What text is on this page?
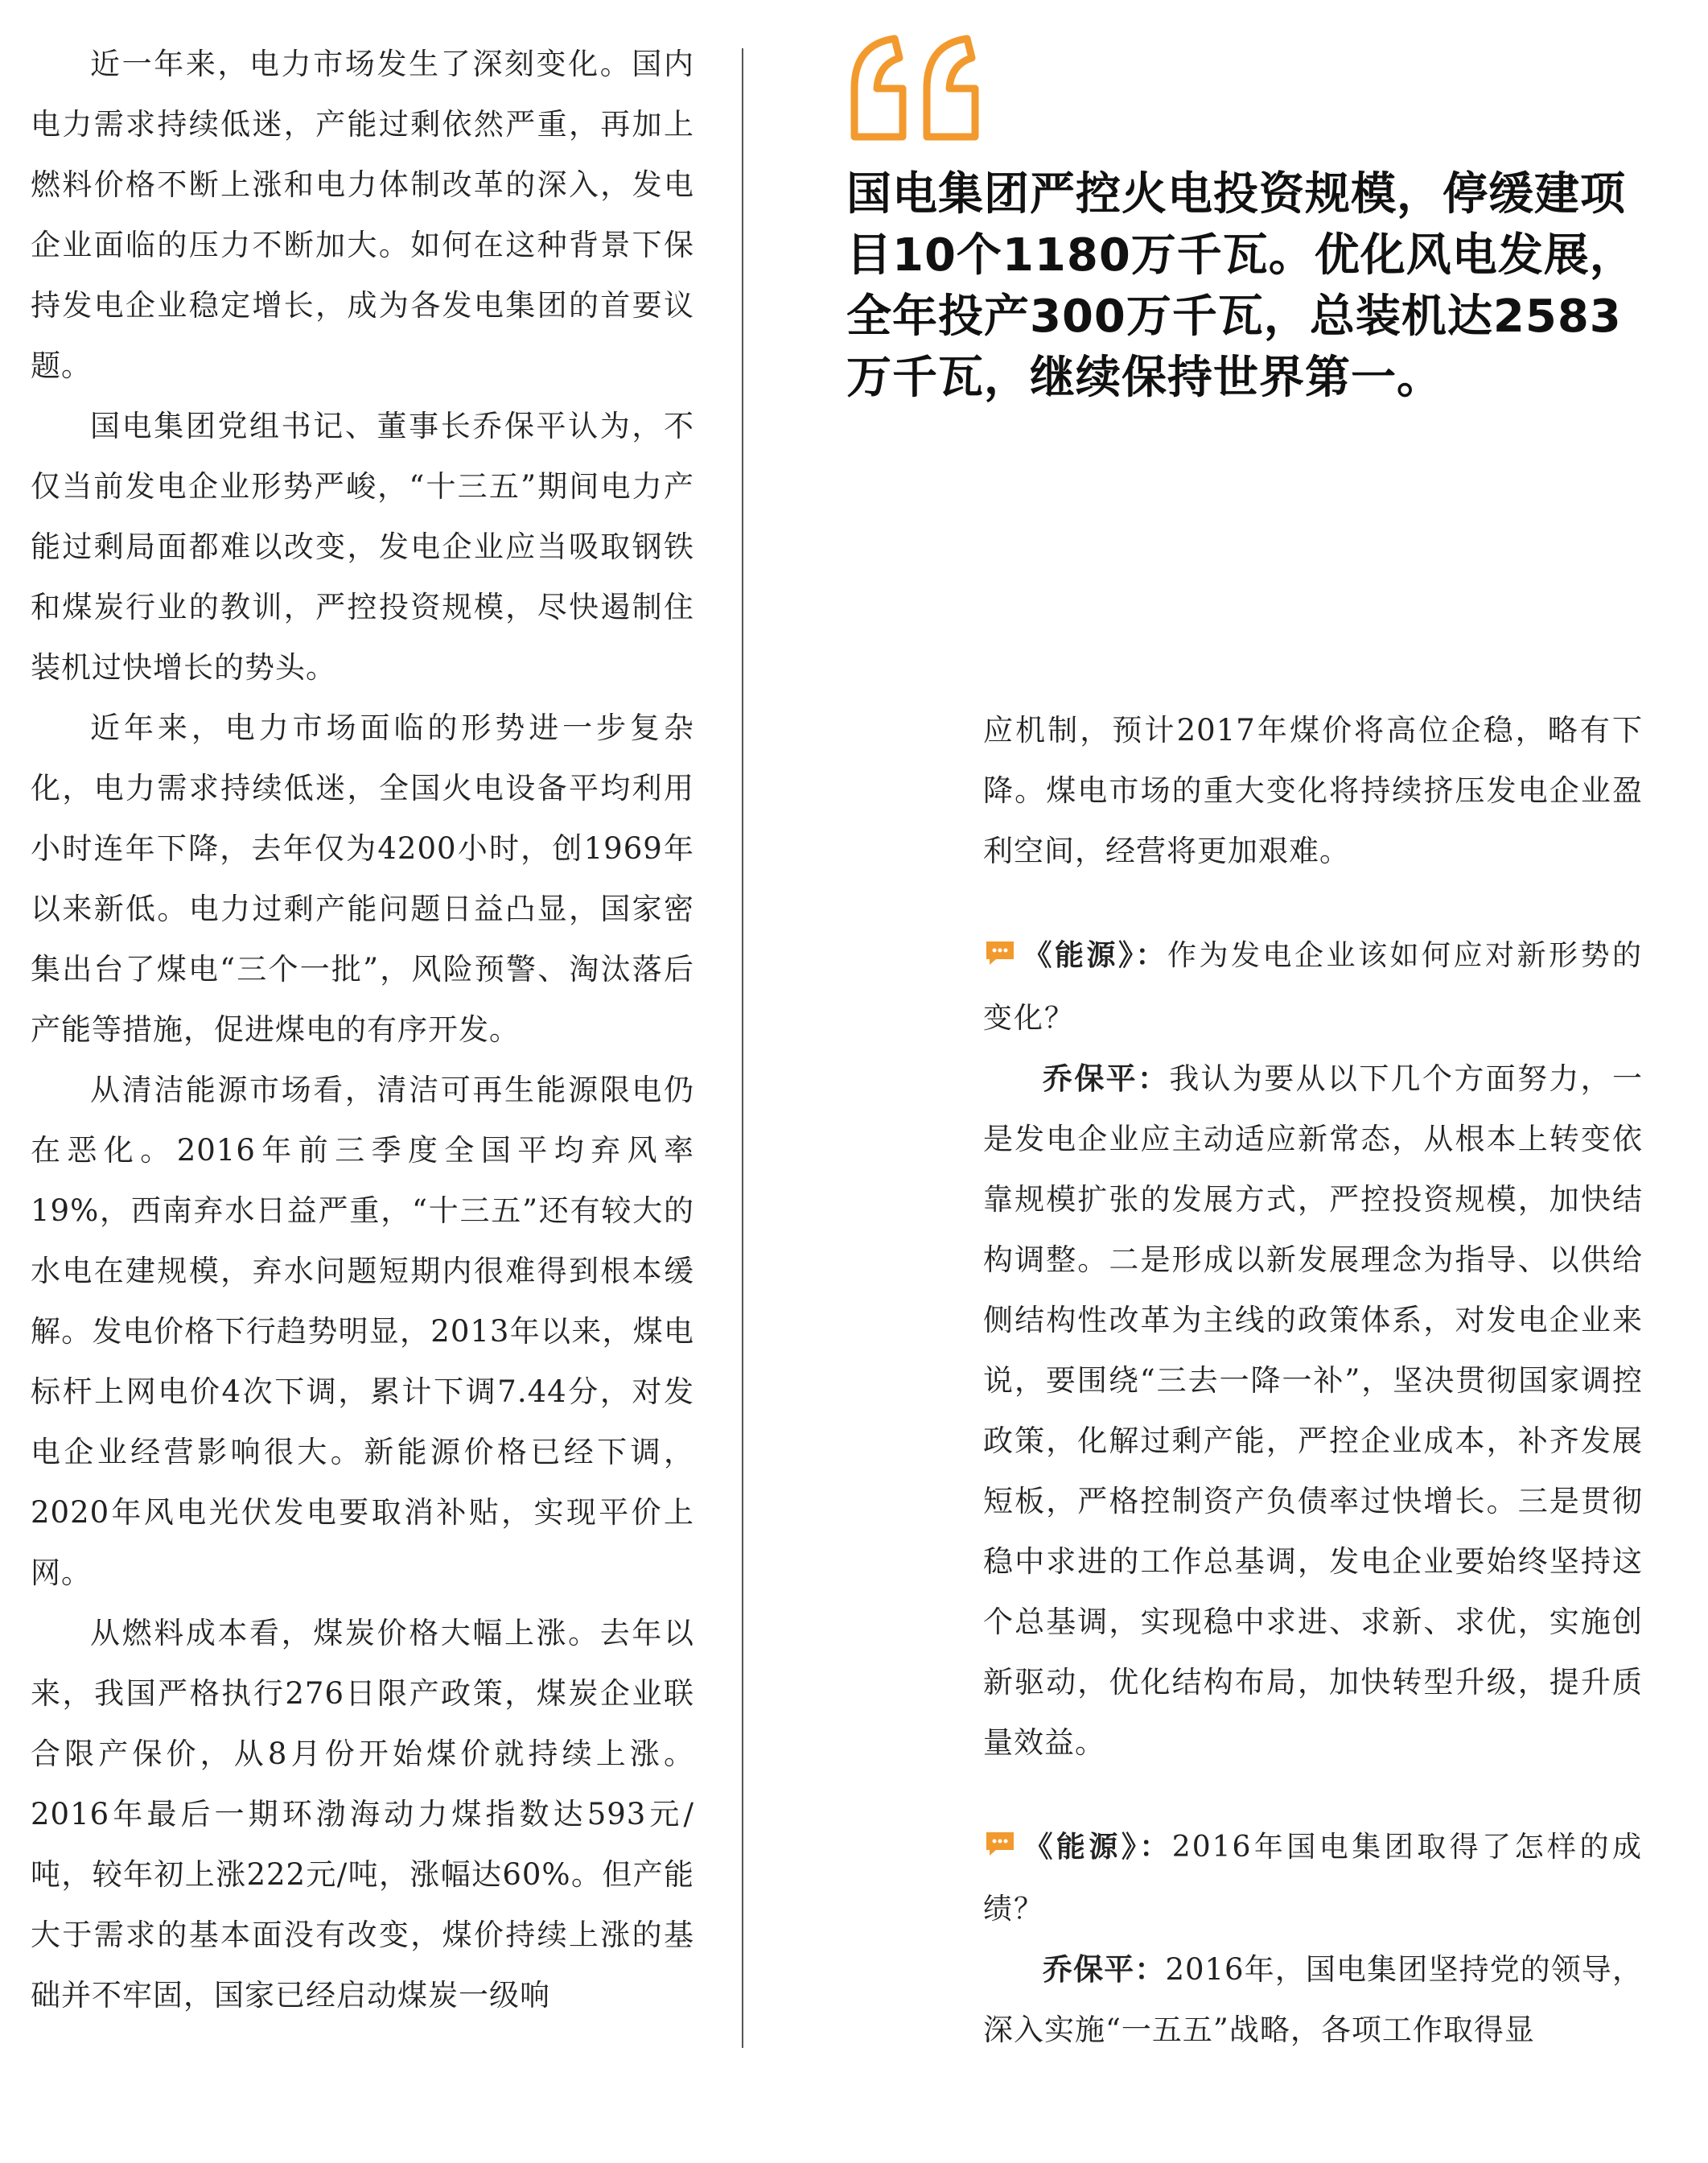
近一年来，电力市场发生了深刻变化。国内电力需求持续低迷，产能过剩依然严重，再加上燃料价格不断上涨和电力体制改革的深入，发电企业面临的压力不断加大。如何在这种背景下保持发电企业稳定增长，成为各发电集团的首要议题。

国电集团党组书记、董事长乔保平认为，不仅当前发电企业形势严峻，“十三五”期间电力产能过剩局面都难以改变，发电企业应当吸取钢铁和煤炭行业的教训，严控投资规模，尽快遏制住装机过快增长的势头。

近年来，电力市场面临的形势进一步复杂化，电力需求持续低迷，全国火电设备平均利用小时连年下降，去年仅为4200小时，创1969年以来新低。电力过剩产能问题日益凸显，国家密集出台了煤电“三个一批”，风险预警、淘汰落后产能等措施，促进煤电的有序开发。

从清洁能源市场看，清洁可再生能源限电仍在恶化。2016年前三季度全国平均弃风率19%，西南弃水日益严重，“十三五”还有较大的水电在建规模，弃水问题短期内很难得到根本缓解。发电价格下行趋势明显，2013年以来，煤电标杆上网电价4次下调，累计下调7.44分，对发电企业经营影响很大。新能源价格已经下调，2020年风电光伏发电要取消补贴，实现平价上网。

从燃料成本看，煤炭价格大幅上涨。去年以来，我国严格执行276日限产政策，煤炭企业联合限产保价，从8月份开始煤价就持续上涨。2016年最后一期环渤海动力煤指数达593元/吨，较年初上涨222元/吨，涨幅达60%。但产能大于需求的基本面没有改变，煤价持续上涨的基础并不牢固，国家已经启动煤炭一级响

国电集团严控火电投资规模，停缓建项目10个1180万千瓦。优化风电发展，全年投产300万千瓦，总装机达2583万千瓦，继续保持世界第一。

应机制，预计2017年煤价将高位企稳，略有下降。煤电市场的重大变化将持续挤压发电企业盈利空间，经营将更加艰难。

《能源》：作为发电企业该如何应对新形势的变化？

乔保平：我认为要从以下几个方面努力，一是发电企业应主动适应新常态，从根本上转变依靠规模扩张的发展方式，严控投资规模，加快结构调整。二是形成以新发展理念为指导、以供给侧结构性改革为主线的政策体系，对发电企业来说，要围绕“三去一降一补”，坚决贯彻国家调控政策，化解过剩产能，严控企业成本，补齐发展短板，严格控制资产负债率过快增长。三是贯彻稳中求进的工作总基调，发电企业要始终坚持这个总基调，实现稳中求进、求新、求优，实施创新驱动，优化结构布局，加快转型升级，提升质量效益。

《能源》：2016年国电集团取得了怎样的成绩？

乔保平：2016年，国电集团坚持党的领导，深入实施“一五五”战略，各项工作取得显
